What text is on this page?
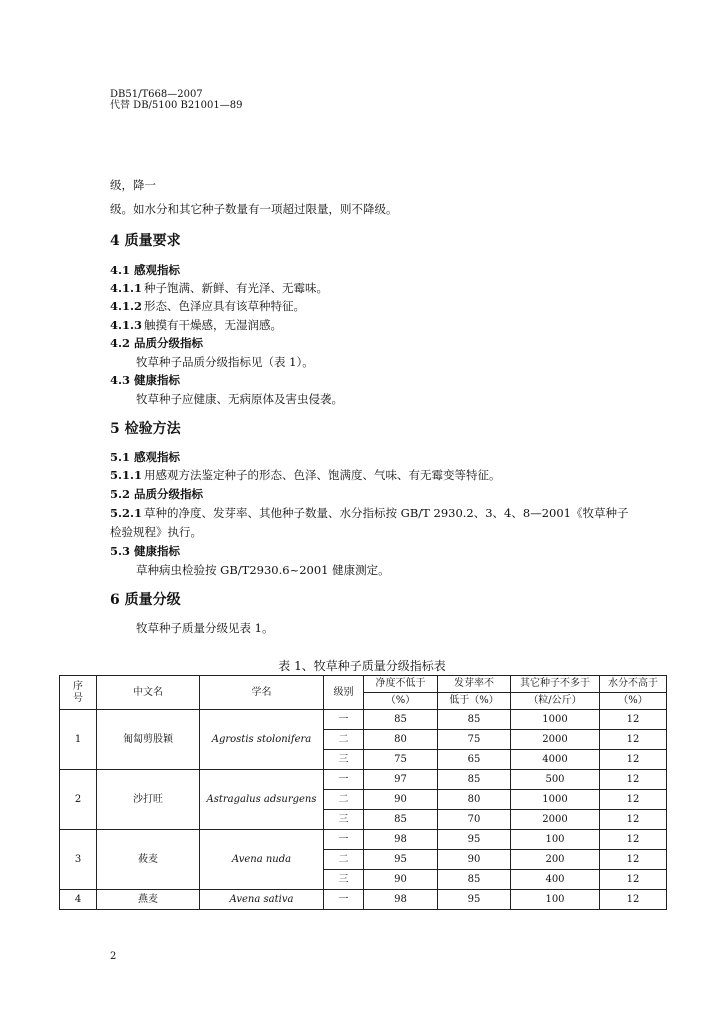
DB51/T668—2007
代替 DB/5100 B21001—89
级，降一
级。如水分和其它种子数量有一项超过限量，则不降级。
4 质量要求
4.1 感观指标
4.1.1 种子饱满、新鲜、有光泽、无霉味。
4.1.2 形态、色泽应具有该草种特征。
4.1.3 触摸有干燥感，无湿润感。
4.2 品质分级指标
牧草种子品质分级指标见（表 1）。
4.3 健康指标
牧草种子应健康、无病原体及害虫侵袭。
5 检验方法
5.1 感观指标
5.1.1 用感观方法鉴定种子的形态、色泽、饱满度、气味、有无霉变等特征。
5.2 品质分级指标
5.2.1 草种的净度、发芽率、其他种子数量、水分指标按 GB/T 2930.2、3、4、8—2001《牧草种子
检验规程》执行。
5.3 健康指标
草种病虫检验按 GB/T2930.6~2001 健康测定。
6 质量分级
牧草种子质量分级见表 1。
表 1、牧草种子质量分级指标表
序
号	中文名	学名	级别	净度不低于	发芽率不	其它种子不多于	水分不高于
				（%）	低于（%）	（粒/公斤）	（%）
1	匍匐剪股颖	Agrostis stolonifera	一	85	85	1000	12
			二	80	75	2000	12
			三	75	65	4000	12
2	沙打旺	Astragalus adsurgens	一	97	85	500	12
			二	90	80	1000	12
			三	85	70	2000	12
3	莜麦	Avena nuda	一	98	95	100	12
			二	95	90	200	12
			三	90	85	400	12
4	燕麦	Avena sativa	一	98	95	100	12
2
